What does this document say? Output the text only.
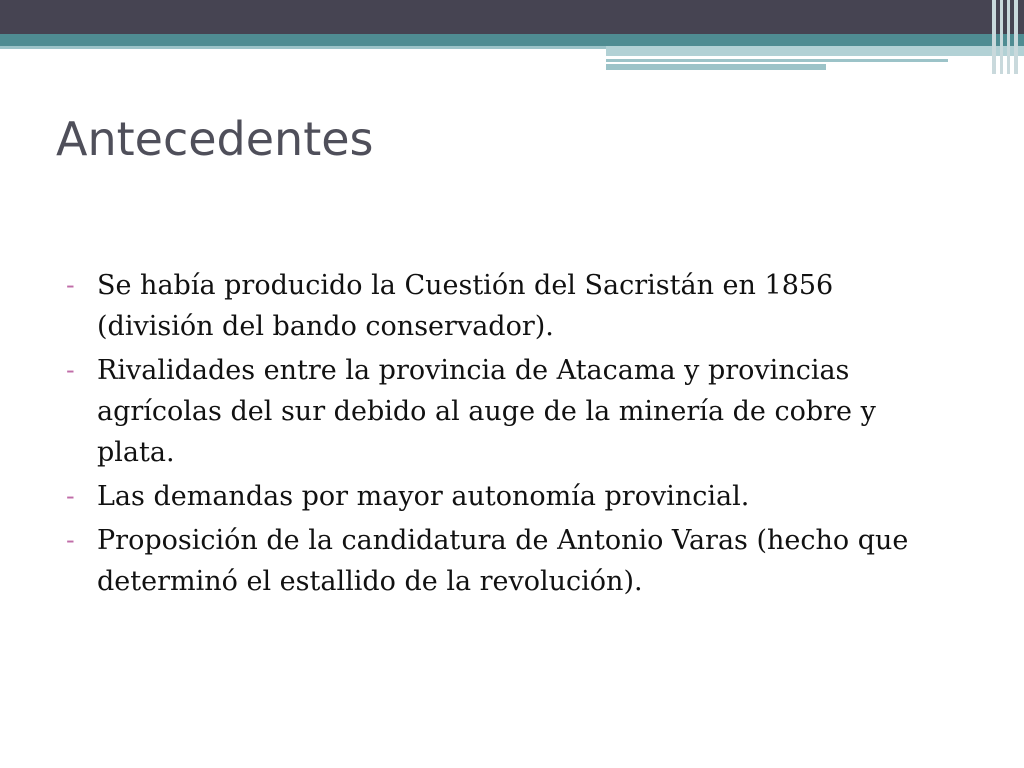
Antecedentes
- Se había producido la Cuestión del Sacristán en 1856 (división del bando conservador).
- Rivalidades entre la provincia de Atacama y provincias agrícolas del sur debido al auge de la minería de cobre y plata.
- Las demandas por mayor autonomía provincial.
- Proposición de la candidatura de Antonio Varas (hecho que determinó el estallido de la revolución).
